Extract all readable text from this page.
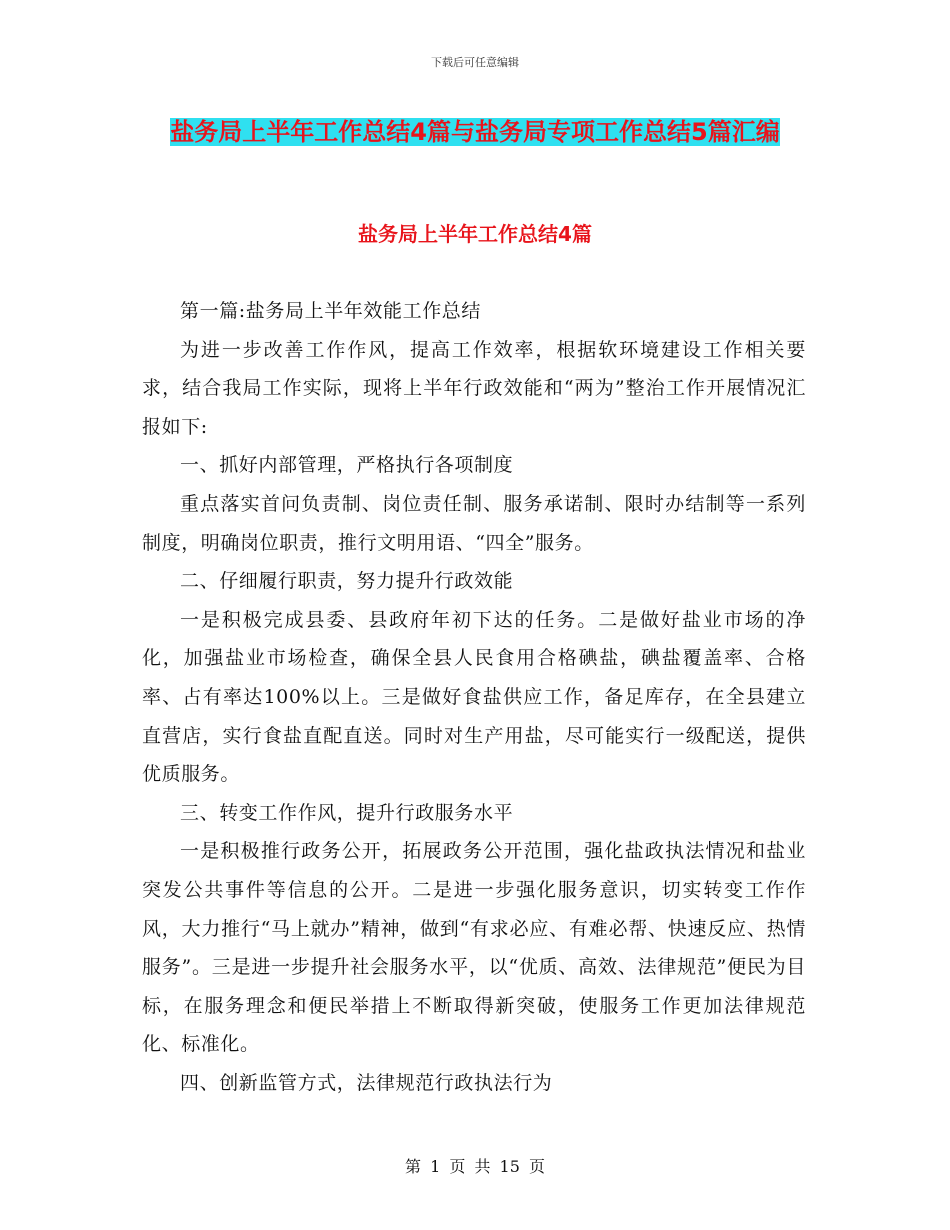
下载后可任意编辑
盐务局上半年工作总结4篇与盐务局专项工作总结5篇汇编
盐务局上半年工作总结4篇

第一篇:盐务局上半年效能工作总结

为进一步改善工作作风，提高工作效率，根据软环境建设工作相关要求，结合我局工作实际，现将上半年行政效能和“两为”整治工作开展情况汇报如下:

一、抓好内部管理，严格执行各项制度

重点落实首问负责制、岗位责任制、服务承诺制、限时办结制等一系列制度，明确岗位职责，推行文明用语、“四全”服务。

二、仔细履行职责，努力提升行政效能

一是积极完成县委、县政府年初下达的任务。二是做好盐业市场的净化，加强盐业市场检查，确保全县人民食用合格碘盐，碘盐覆盖率、合格率、占有率达100%以上。三是做好食盐供应工作，备足库存，在全县建立直营店，实行食盐直配直送。同时对生产用盐，尽可能实行一级配送，提供优质服务。

三、转变工作作风，提升行政服务水平

一是积极推行政务公开，拓展政务公开范围，强化盐政执法情况和盐业突发公共事件等信息的公开。二是进一步强化服务意识，切实转变工作作风，大力推行“马上就办”精神，做到“有求必应、有难必帮、快速反应、热情服务”。三是进一步提升社会服务水平，以“优质、高效、法律规范”便民为目标，在服务理念和便民举措上不断取得新突破，使服务工作更加法律规范化、标准化。

四、创新监管方式，法律规范行政执法行为

第 1 页 共 15 页
